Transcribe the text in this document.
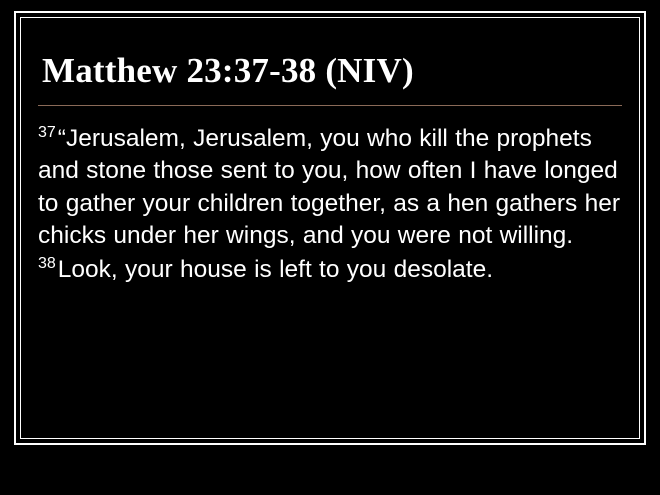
Matthew 23:37-38 (NIV)

$^{37}$“Jerusalem, Jerusalem, you who kill the prophets and stone those sent to you, how often I have longed to gather your children together, as a hen gathers her chicks under her wings, and you were not willing. $^{38}$Look, your house is left to you desolate.
